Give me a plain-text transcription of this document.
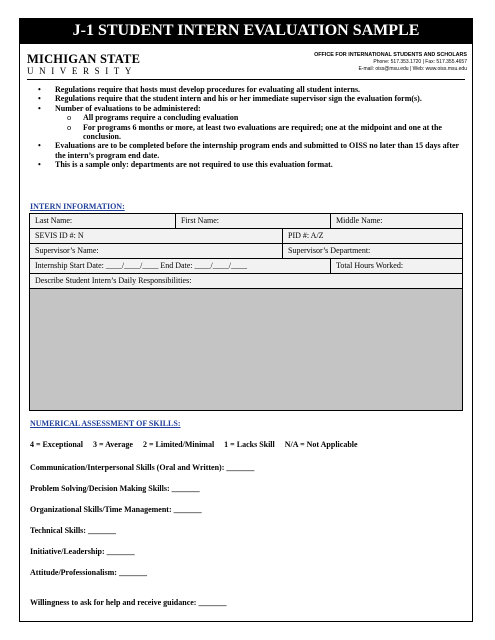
J-1 STUDENT INTERN EVALUATION SAMPLE
MICHIGAN STATE
UNIVERSITY
OFFICE FOR INTERNATIONAL STUDENTS AND SCHOLARS
Phone: 517.353.1720 | Fax: 517.355.4657
E-mail: oiss@msu.edu | Web: www.oiss.msu.edu
• Regulations require that hosts must develop procedures for evaluating all student interns.
• Regulations require that the student intern and his or her immediate supervisor sign the evaluation form(s).
• Number of evaluations to be administered:
o All programs require a concluding evaluation
o For programs 6 months or more, at least two evaluations are required; one at the midpoint and one at the conclusion.
• Evaluations are to be completed before the internship program ends and submitted to OISS no later than 15 days after the intern’s program end date.
• This is a sample only: departments are not required to use this evaluation format.
INTERN INFORMATION:
Last Name:	First Name:	Middle Name:
SEVIS ID #: N	PID #: A/Z
Supervisor’s Name:	Supervisor’s Department:
Internship Start Date: ____/____/____ End Date: ____/____/____	Total Hours Worked:
Describe Student Intern’s Daily Responsibilities:
NUMERICAL ASSESSMENT OF SKILLS:
4 = Exceptional     3 = Average     2 = Limited/Minimal     1 = Lacks Skill     N/A = Not Applicable
Communication/Interpersonal Skills (Oral and Written): _______
Problem Solving/Decision Making Skills: _______
Organizational Skills/Time Management: _______
Technical Skills: _______
Initiative/Leadership: _______
Attitude/Professionalism: _______
Willingness to ask for help and receive guidance: _______
